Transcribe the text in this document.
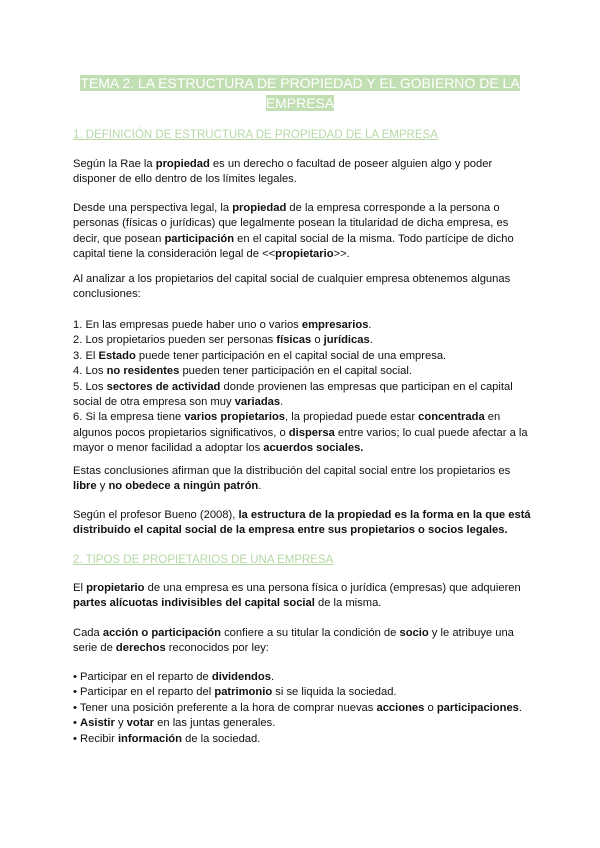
TEMA 2. LA ESTRUCTURA DE PROPIEDAD Y EL GOBIERNO DE LA
EMPRESA
1. DEFINICIÓN DE ESTRUCTURA DE PROPIEDAD DE LA EMPRESA
Según la Rae la propiedad es un derecho o facultad de poseer alguien algo y poder
disponer de ello dentro de los límites legales.
Desde una perspectiva legal, la propiedad de la empresa corresponde a la persona o
personas (físicas o jurídicas) que legalmente posean la titularidad de dicha empresa, es
decir, que posean participación en el capital social de la misma. Todo partícipe de dicho
capital tiene la consideración legal de <<propietario>>.
Al analizar a los propietarios del capital social de cualquier empresa obtenemos algunas
conclusiones:
1. En las empresas puede haber uno o varios empresarios.
2. Los propietarios pueden ser personas físicas o jurídicas.
3. El Estado puede tener participación en el capital social de una empresa.
4. Los no residentes pueden tener participación en el capital social.
5. Los sectores de actividad donde provienen las empresas que participan en el capital
social de otra empresa son muy variadas.
6. Si la empresa tiene varios propietarios, la propiedad puede estar concentrada en
algunos pocos propietarios significativos, o dispersa entre varios; lo cual puede afectar a la
mayor o menor facilidad a adoptar los acuerdos sociales.
Estas conclusiones afirman que la distribución del capital social entre los propietarios es
libre y no obedece a ningún patrón.
Según el profesor Bueno (2008), la estructura de la propiedad es la forma en la que está
distribuido el capital social de la empresa entre sus propietarios o socios legales.
2. TIPOS DE PROPIETARIOS DE UNA EMPRESA
El propietario de una empresa es una persona física o jurídica (empresas) que adquieren
partes alícuotas indivisibles del capital social de la misma.
Cada acción o participación confiere a su titular la condición de socio y le atribuye una
serie de derechos reconocidos por ley:
• Participar en el reparto de dividendos.
• Participar en el reparto del patrimonio si se liquida la sociedad.
• Tener una posición preferente a la hora de comprar nuevas acciones o participaciones.
• Asistir y votar en las juntas generales.
• Recibir información de la sociedad.
